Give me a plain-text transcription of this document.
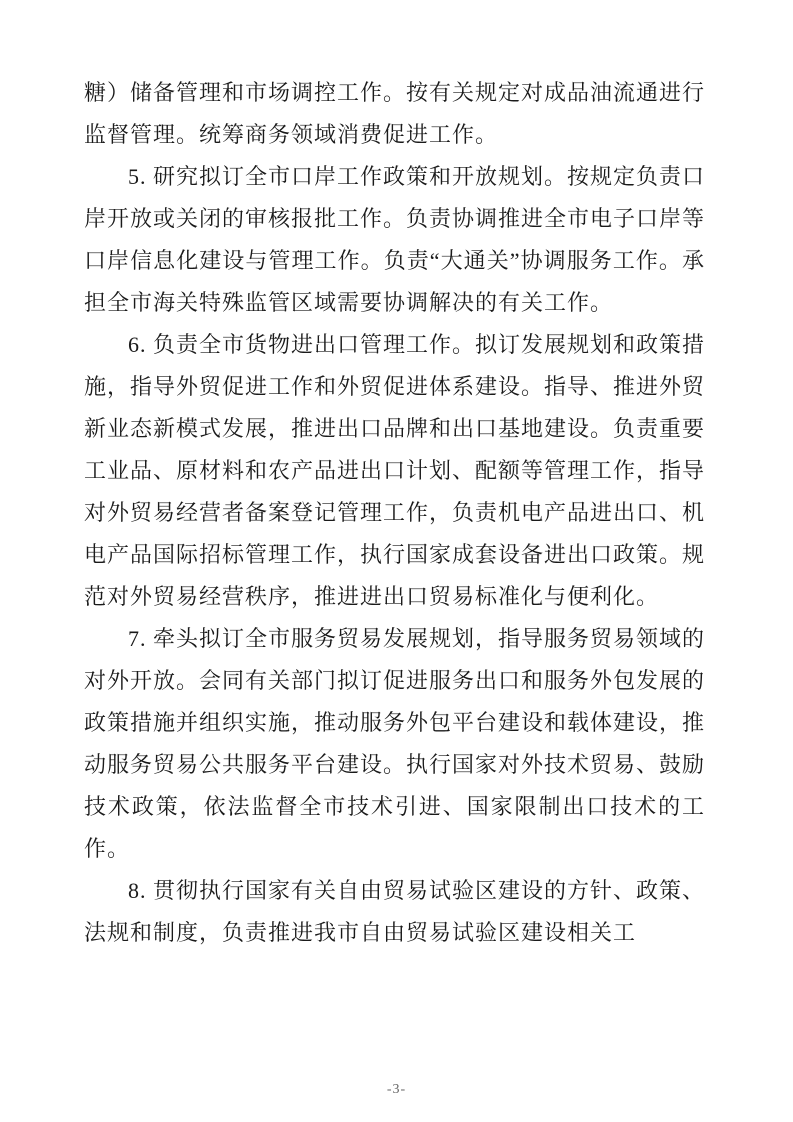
糖）储备管理和市场调控工作。按有关规定对成品油流通进行监督管理。统筹商务领域消费促进工作。

5. 研究拟订全市口岸工作政策和开放规划。按规定负责口岸开放或关闭的审核报批工作。负责协调推进全市电子口岸等口岸信息化建设与管理工作。负责“大通关”协调服务工作。承担全市海关特殊监管区域需要协调解决的有关工作。

6. 负责全市货物进出口管理工作。拟订发展规划和政策措施，指导外贸促进工作和外贸促进体系建设。指导、推进外贸新业态新模式发展，推进出口品牌和出口基地建设。负责重要工业品、原材料和农产品进出口计划、配额等管理工作，指导对外贸易经营者备案登记管理工作，负责机电产品进出口、机电产品国际招标管理工作，执行国家成套设备进出口政策。规范对外贸易经营秩序，推进进出口贸易标准化与便利化。

7. 牵头拟订全市服务贸易发展规划，指导服务贸易领域的对外开放。会同有关部门拟订促进服务出口和服务外包发展的政策措施并组织实施，推动服务外包平台建设和载体建设，推动服务贸易公共服务平台建设。执行国家对外技术贸易、鼓励技术政策，依法监督全市技术引进、国家限制出口技术的工作。

8. 贯彻执行国家有关自由贸易试验区建设的方针、政策、法规和制度，负责推进我市自由贸易试验区建设相关工

-3-
